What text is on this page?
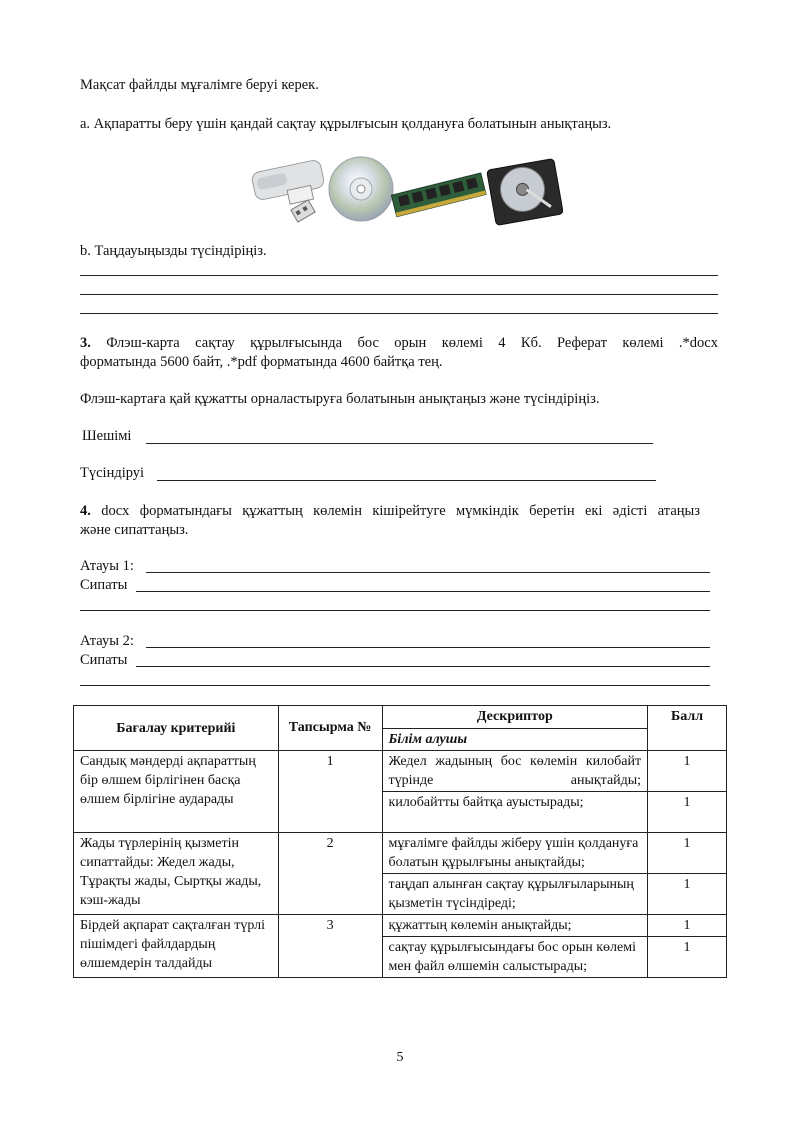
Мақсат файлды мұғалімге беруі керек.
a. Ақпаратты беру үшін қандай сақтау құрылғысын қолдануға болатынын анықтаңыз.
b. Таңдауыңызды түсіндіріңіз.
3. Флэш-карта сақтау құрылғысында бос орын көлемі 4 Кб. Реферат көлемі .*docx
форматында 5600 байт, .*pdf форматында 4600 байтқа тең.
Флэш-картаға қай құжатты орналастыруға болатынын анықтаңыз және түсіндіріңіз.
Шешімі
Түсіндіруі
4. docx форматындағы құжаттың көлемін кішірейтуге мүмкіндік беретін екі әдісті атаңыз
және сипаттаңыз.
Атауы 1:
Сипаты
Атауы 2:
Сипаты
Бағалау критерийі	Тапсырма №	Дескриптор	Балл
		Білім алушы	
Сандық мәндерді ақпараттың бір өлшем бірлігінен басқа өлшем бірлігіне аударады	1	Жедел жадының бос көлемін килобайт түрінде анықтайды;	1
		килобайтты байтқа ауыстырады;	1
Жады түрлерінің қызметін сипаттайды: Жедел жады, Тұрақты жады, Сыртқы жады, кэш-жады	2	мұғалімге файлды жіберу үшін қолдануға болатын құрылғыны анықтайды;	1
		таңдап алынған сақтау құрылғыларының қызметін түсіндіреді;	1
Бірдей ақпарат сақталған түрлі пішімдегі файлдардың өлшемдерін талдайды	3	құжаттың көлемін анықтайды;	1
		сақтау құрылғысындағы бос орын көлемі мен файл өлшемін салыстырады;	1
5
